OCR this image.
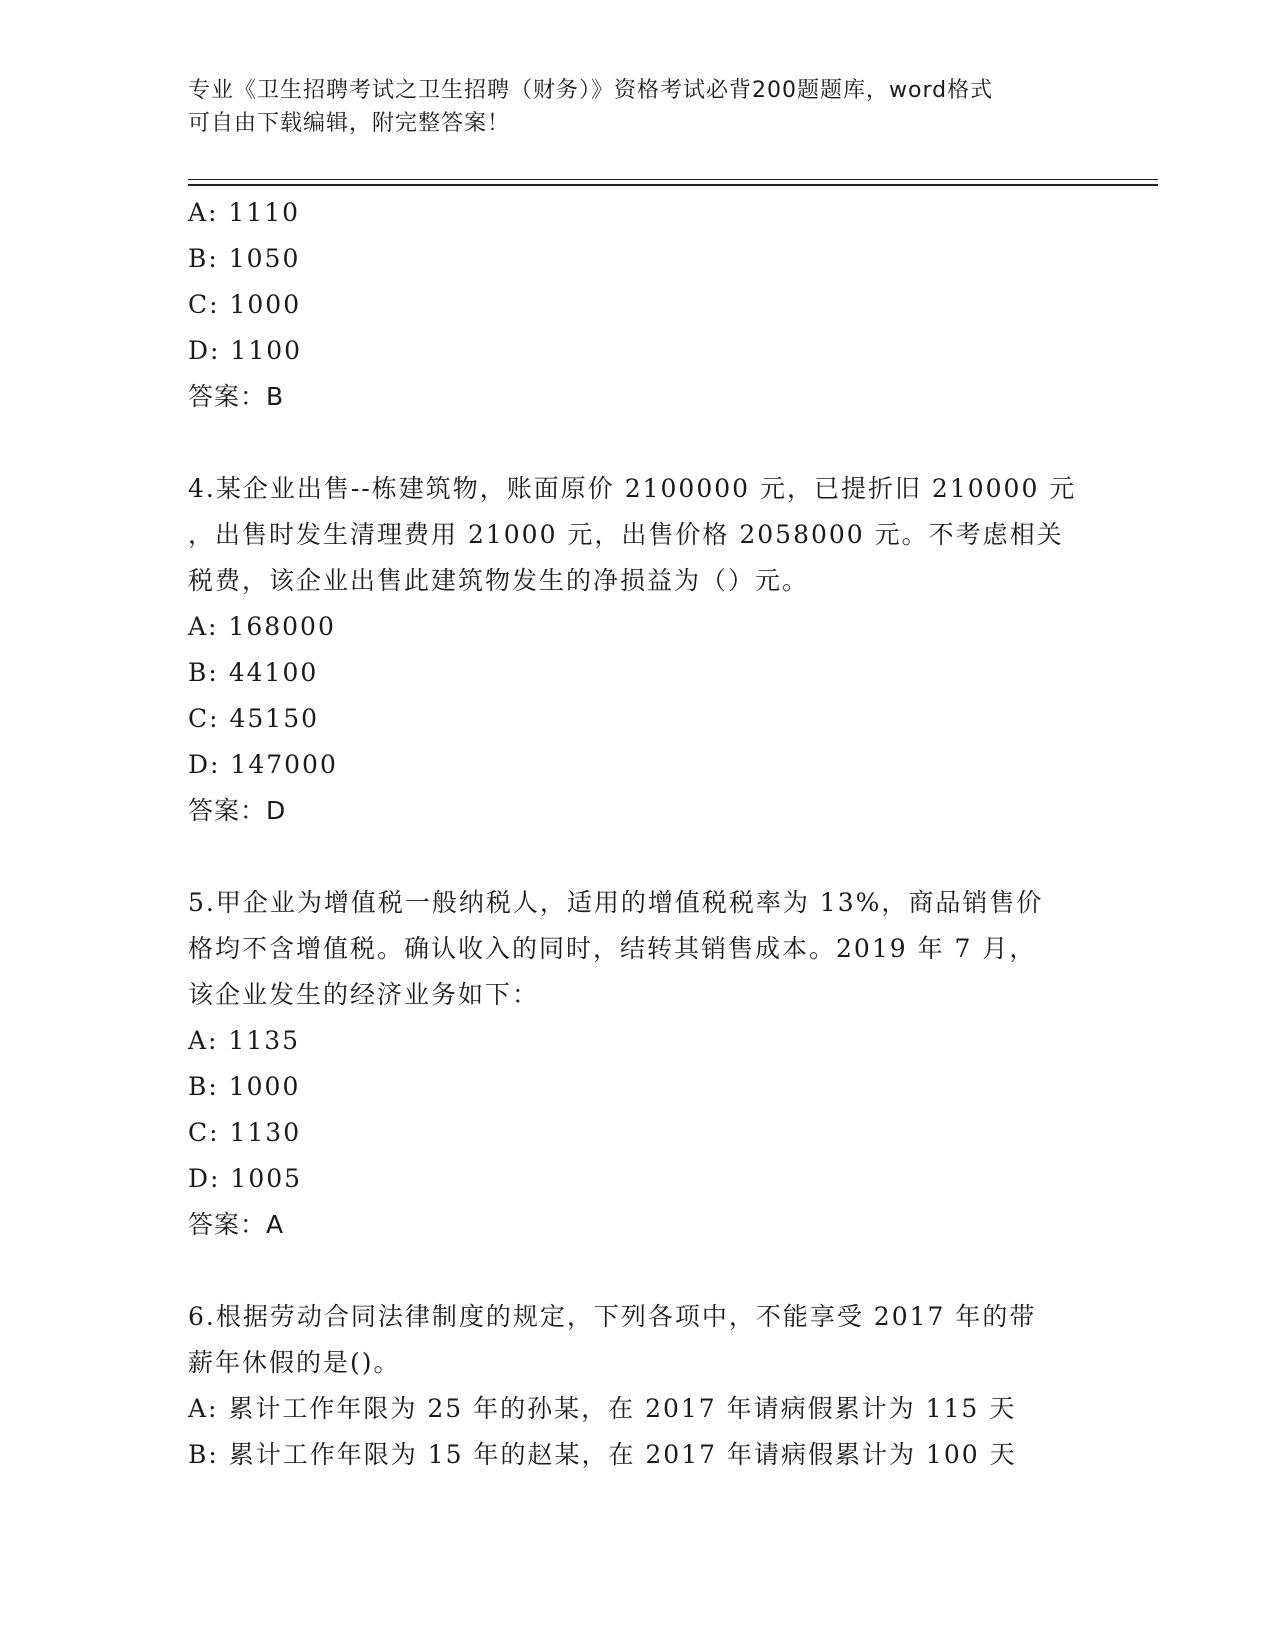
专业《卫生招聘考试之卫生招聘（财务）》资格考试必背200题题库，word格式
可自由下载编辑，附完整答案！
A: 1110
B: 1050
C: 1000
D: 1100
答案：B
4.某企业出售--栋建筑物，账面原价 2100000 元，已提折旧 210000 元
，出售时发生清理费用 21000 元，出售价格 2058000 元。不考虑相关
税费，该企业出售此建筑物发生的净损益为（）元。
A: 168000
B: 44100
C: 45150
D: 147000
答案：D
5.甲企业为增值税一般纳税人，适用的增值税税率为 13%，商品销售价
格均不含增值税。确认收入的同时，结转其销售成本。2019 年 7 月，
该企业发生的经济业务如下：
A: 1135
B: 1000
C: 1130
D: 1005
答案：A
6.根据劳动合同法律制度的规定，下列各项中，不能享受 2017 年的带
薪年休假的是()。
A: 累计工作年限为 25 年的孙某，在 2017 年请病假累计为 115 天
B: 累计工作年限为 15 年的赵某，在 2017 年请病假累计为 100 天
